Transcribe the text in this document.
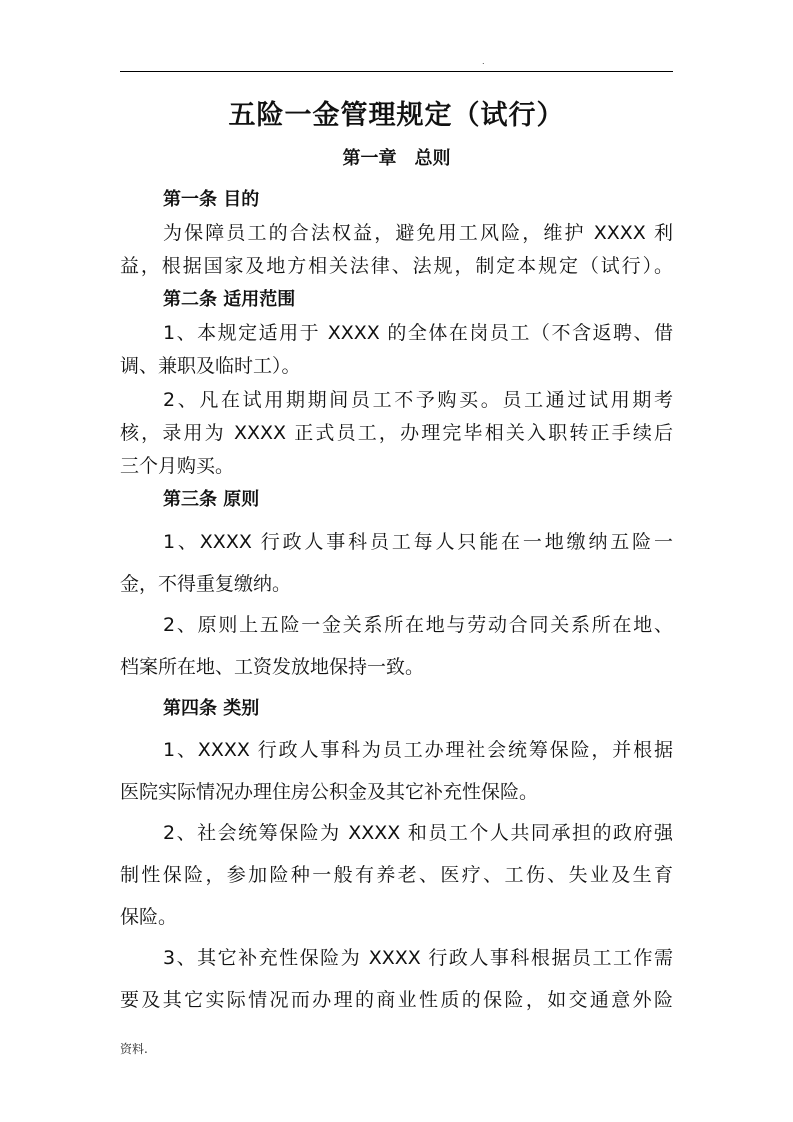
.
五险一金管理规定（试行）
第一章　总则
第一条 目的
为保障员工的合法权益，避免用工风险，维护 XXXX 利
益，根据国家及地方相关法律、法规，制定本规定（试行）。
第二条 适用范围
1、本规定适用于 XXXX 的全体在岗员工（不含返聘、借
调、兼职及临时工）。
2、凡在试用期期间员工不予购买。员工通过试用期考
核，录用为 XXXX 正式员工，办理完毕相关入职转正手续后
三个月购买。
第三条 原则
1、XXXX 行政人事科员工每人只能在一地缴纳五险一
金，不得重复缴纳。
2、原则上五险一金关系所在地与劳动合同关系所在地、
档案所在地、工资发放地保持一致。
第四条 类别
1、XXXX 行政人事科为员工办理社会统筹保险，并根据
医院实际情况办理住房公积金及其它补充性保险。
2、社会统筹保险为 XXXX 和员工个人共同承担的政府强
制性保险，参加险种一般有养老、医疗、工伤、失业及生育
保险。
3、其它补充性保险为 XXXX 行政人事科根据员工工作需
要及其它实际情况而办理的商业性质的保险，如交通意外险
资料.
